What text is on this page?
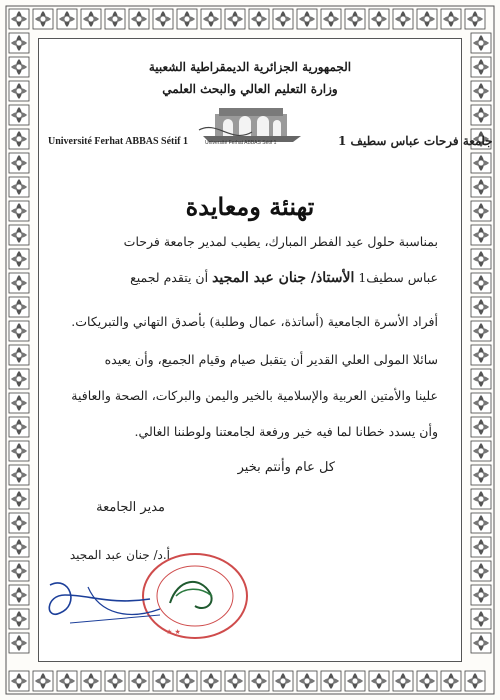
الجمهورية الجزائرية الديمقراطية الشعبية
وزارة التعليم العالي والبحث العلمي
Université Ferhat ABBAS Sétif 1
Université Ferhat ABBAS Sétif 1	جامعة فرحات عباس سطيف 1
تهنئة ومعايدة
بمناسبة حلول عيد الفطر المبارك، يطيب لمدير جامعة فرحات
عباس سطيف1 الأستاذ/ جنان عبد المجيد أن يتقدم لجميع
أفراد الأسرة الجامعية (أساتذة، عمال وطلبة) بأصدق التهاني والتبريكات.
سائلا المولى العلي القدير أن يتقبل صيام وقيام الجميع، وأن يعيده
علينا والأمتين العربية والإسلامية بالخير واليمن والبركات، الصحة والعافية
وأن يسدد خطانا لما فيه خير ورفعة لجامعتنا ولوطننا الغالي.
كل عام وأنتم بخير
مدير الجامعة
أ.د/ جنان عبد المجيد
★ ★
